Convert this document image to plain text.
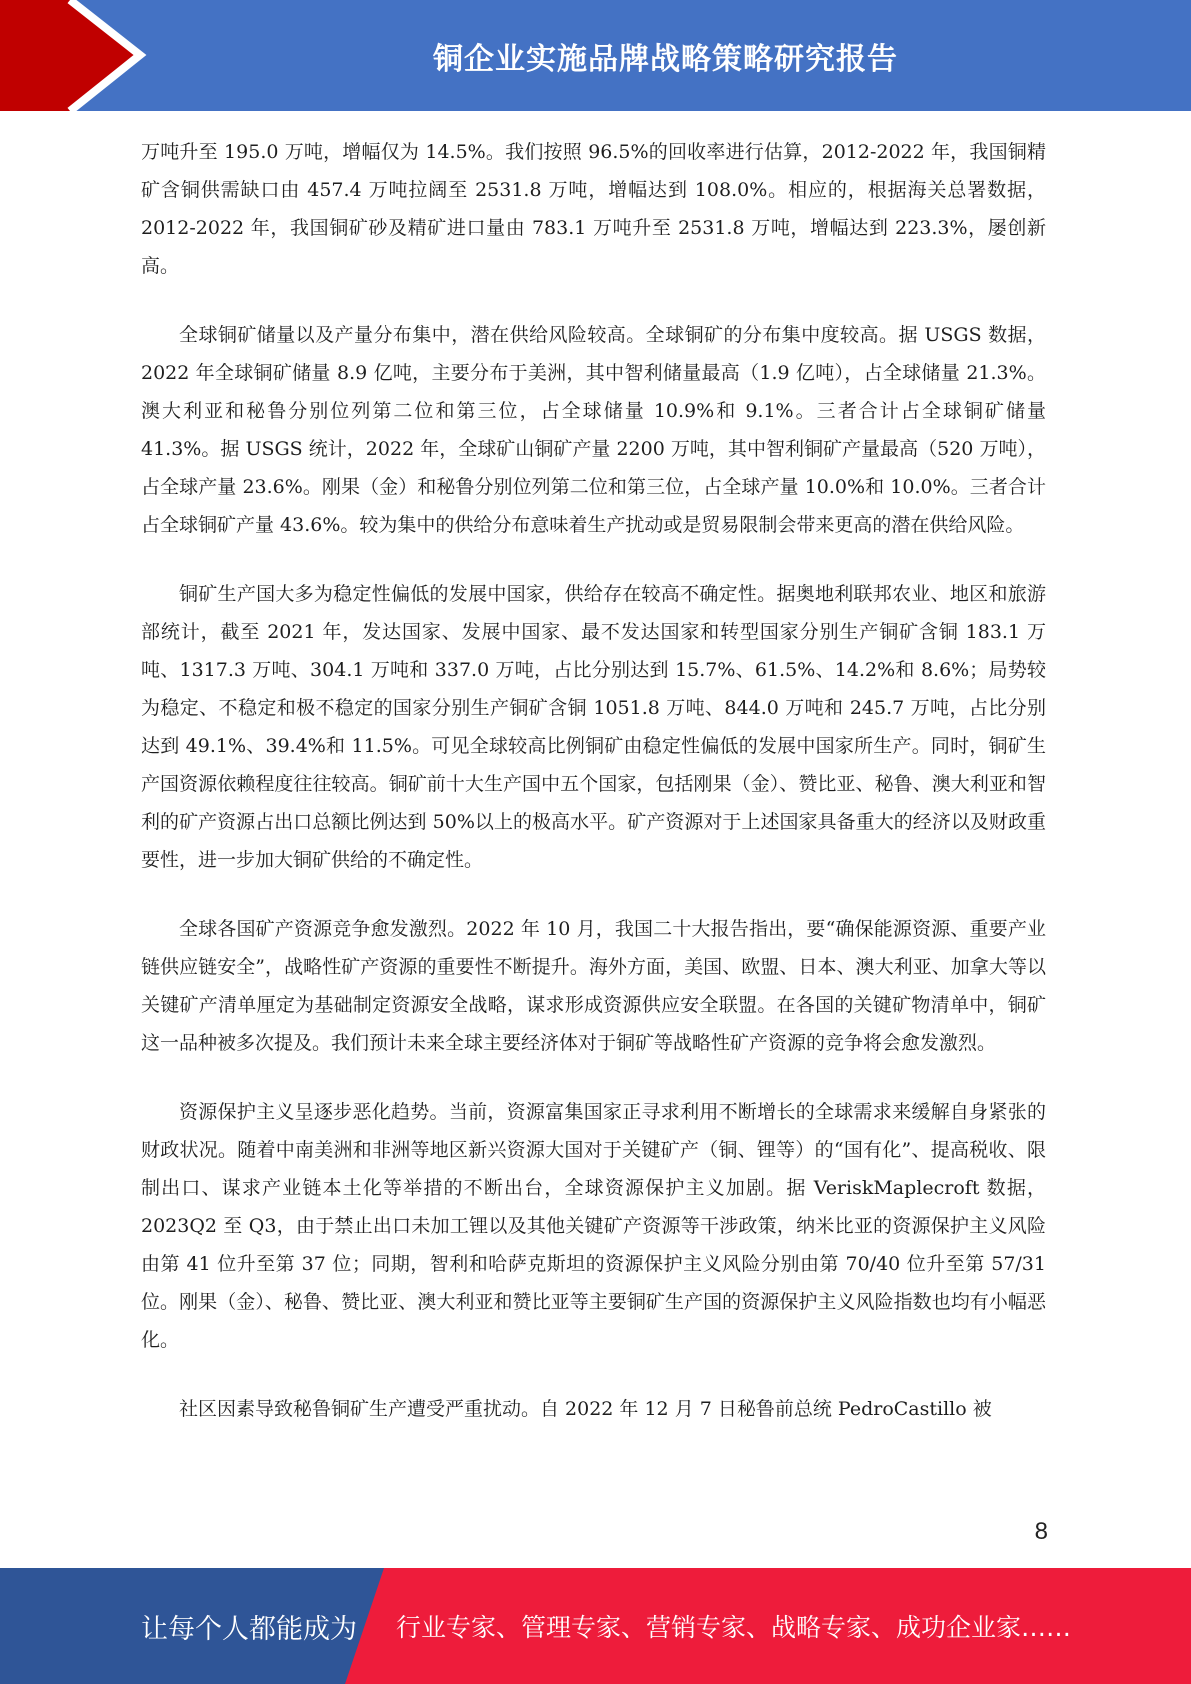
铜企业实施品牌战略策略研究报告

万吨升至 195.0 万吨，增幅仅为 14.5%。我们按照 96.5%的回收率进行估算，2012-2022 年，我国铜精矿含铜供需缺口由 457.4 万吨拉阔至 2531.8 万吨，增幅达到 108.0%。相应的，根据海关总署数据，2012-2022 年，我国铜矿砂及精矿进口量由 783.1 万吨升至 2531.8 万吨，增幅达到 223.3%，屡创新高。

全球铜矿储量以及产量分布集中，潜在供给风险较高。全球铜矿的分布集中度较高。据 USGS 数据，2022 年全球铜矿储量 8.9 亿吨，主要分布于美洲，其中智利储量最高（1.9 亿吨），占全球储量 21.3%。澳大利亚和秘鲁分别位列第二位和第三位，占全球储量 10.9%和 9.1%。三者合计占全球铜矿储量 41.3%。据 USGS 统计，2022 年，全球矿山铜矿产量 2200 万吨，其中智利铜矿产量最高（520 万吨），占全球产量 23.6%。刚果（金）和秘鲁分别位列第二位和第三位，占全球产量 10.0%和 10.0%。三者合计占全球铜矿产量 43.6%。较为集中的供给分布意味着生产扰动或是贸易限制会带来更高的潜在供给风险。

铜矿生产国大多为稳定性偏低的发展中国家，供给存在较高不确定性。据奥地利联邦农业、地区和旅游部统计，截至 2021 年，发达国家、发展中国家、最不发达国家和转型国家分别生产铜矿含铜 183.1 万吨、1317.3 万吨、304.1 万吨和 337.0 万吨，占比分别达到 15.7%、61.5%、14.2%和 8.6%；局势较为稳定、不稳定和极不稳定的国家分别生产铜矿含铜 1051.8 万吨、844.0 万吨和 245.7 万吨，占比分别达到 49.1%、39.4%和 11.5%。可见全球较高比例铜矿由稳定性偏低的发展中国家所生产。同时，铜矿生产国资源依赖程度往往较高。铜矿前十大生产国中五个国家，包括刚果（金）、赞比亚、秘鲁、澳大利亚和智利的矿产资源占出口总额比例达到 50%以上的极高水平。矿产资源对于上述国家具备重大的经济以及财政重要性，进一步加大铜矿供给的不确定性。

全球各国矿产资源竞争愈发激烈。2022 年 10 月，我国二十大报告指出，要“确保能源资源、重要产业链供应链安全”，战略性矿产资源的重要性不断提升。海外方面，美国、欧盟、日本、澳大利亚、加拿大等以关键矿产清单厘定为基础制定资源安全战略，谋求形成资源供应安全联盟。在各国的关键矿物清单中，铜矿这一品种被多次提及。我们预计未来全球主要经济体对于铜矿等战略性矿产资源的竞争将会愈发激烈。

资源保护主义呈逐步恶化趋势。当前，资源富集国家正寻求利用不断增长的全球需求来缓解自身紧张的财政状况。随着中南美洲和非洲等地区新兴资源大国对于关键矿产（铜、锂等）的“国有化”、提高税收、限制出口、谋求产业链本土化等举措的不断出台，全球资源保护主义加剧。据 VeriskMaplecroft 数据，2023Q2 至 Q3，由于禁止出口未加工锂以及其他关键矿产资源等干涉政策，纳米比亚的资源保护主义风险由第 41 位升至第 37 位；同期，智利和哈萨克斯坦的资源保护主义风险分别由第 70/40 位升至第 57/31 位。刚果（金）、秘鲁、赞比亚、澳大利亚和赞比亚等主要铜矿生产国的资源保护主义风险指数也均有小幅恶化。

社区因素导致秘鲁铜矿生产遭受严重扰动。自 2022 年 12 月 7 日秘鲁前总统 PedroCastillo 被

8
让每个人都能成为 行业专家、管理专家、营销专家、战略专家、成功企业家……
